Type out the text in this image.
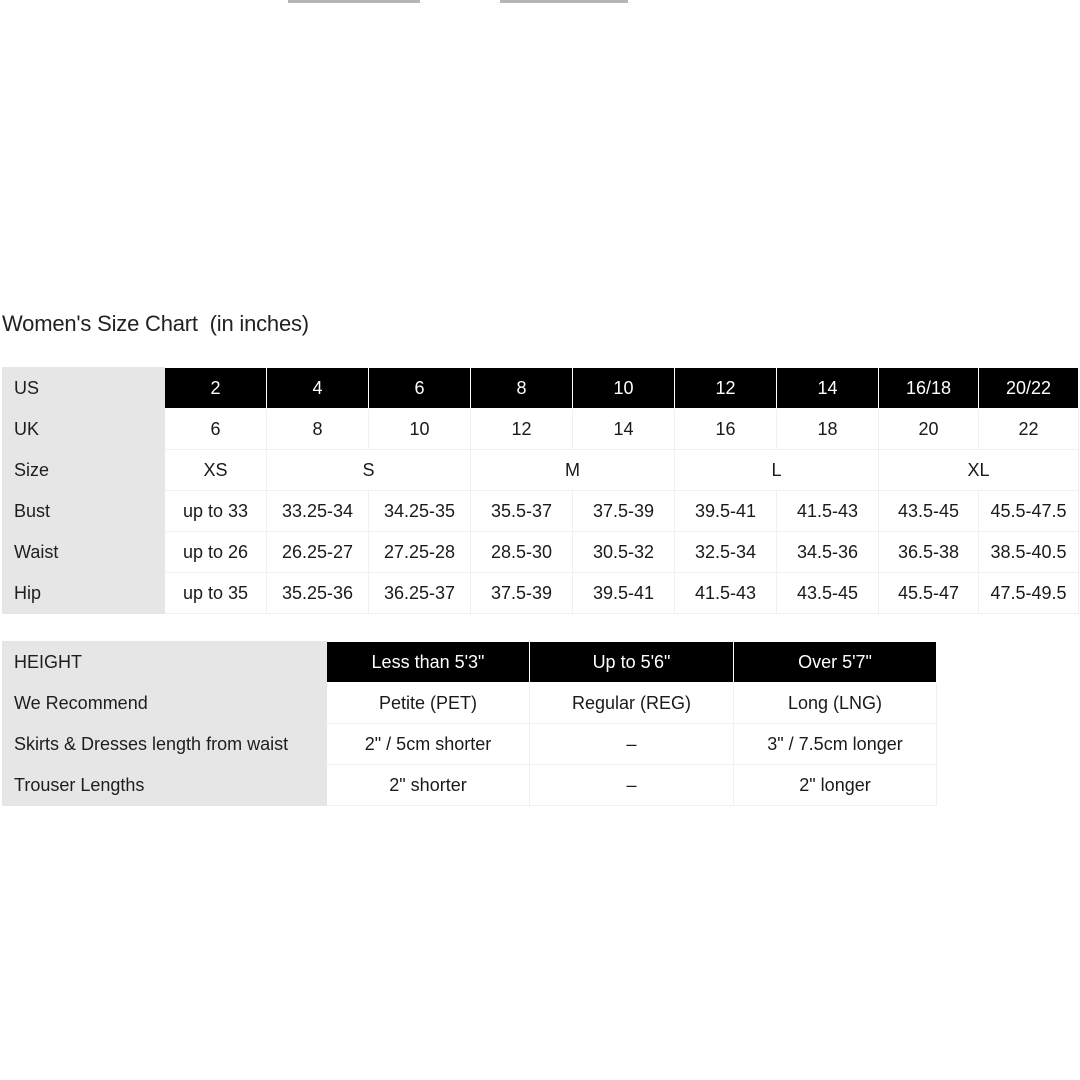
Women's Size Chart  (in inches)
US	2	4	6	8	10	12	14	16/18	20/22
UK	6	8	10	12	14	16	18	20	22
Size	XS	S		M		L		XL	
Bust	up to 33	33.25-34	34.25-35	35.5-37	37.5-39	39.5-41	41.5-43	43.5-45	45.5-47.5
Waist	up to 26	26.25-27	27.25-28	28.5-30	30.5-32	32.5-34	34.5-36	36.5-38	38.5-40.5
Hip	up to 35	35.25-36	36.25-37	37.5-39	39.5-41	41.5-43	43.5-45	45.5-47	47.5-49.5
HEIGHT	Less than 5'3"	Up to 5'6"	Over 5'7"
We Recommend	Petite (PET)	Regular (REG)	Long (LNG)
Skirts & Dresses length from waist	2" / 5cm shorter	–	3" / 7.5cm longer
Trouser Lengths	2" shorter	–	2" longer
